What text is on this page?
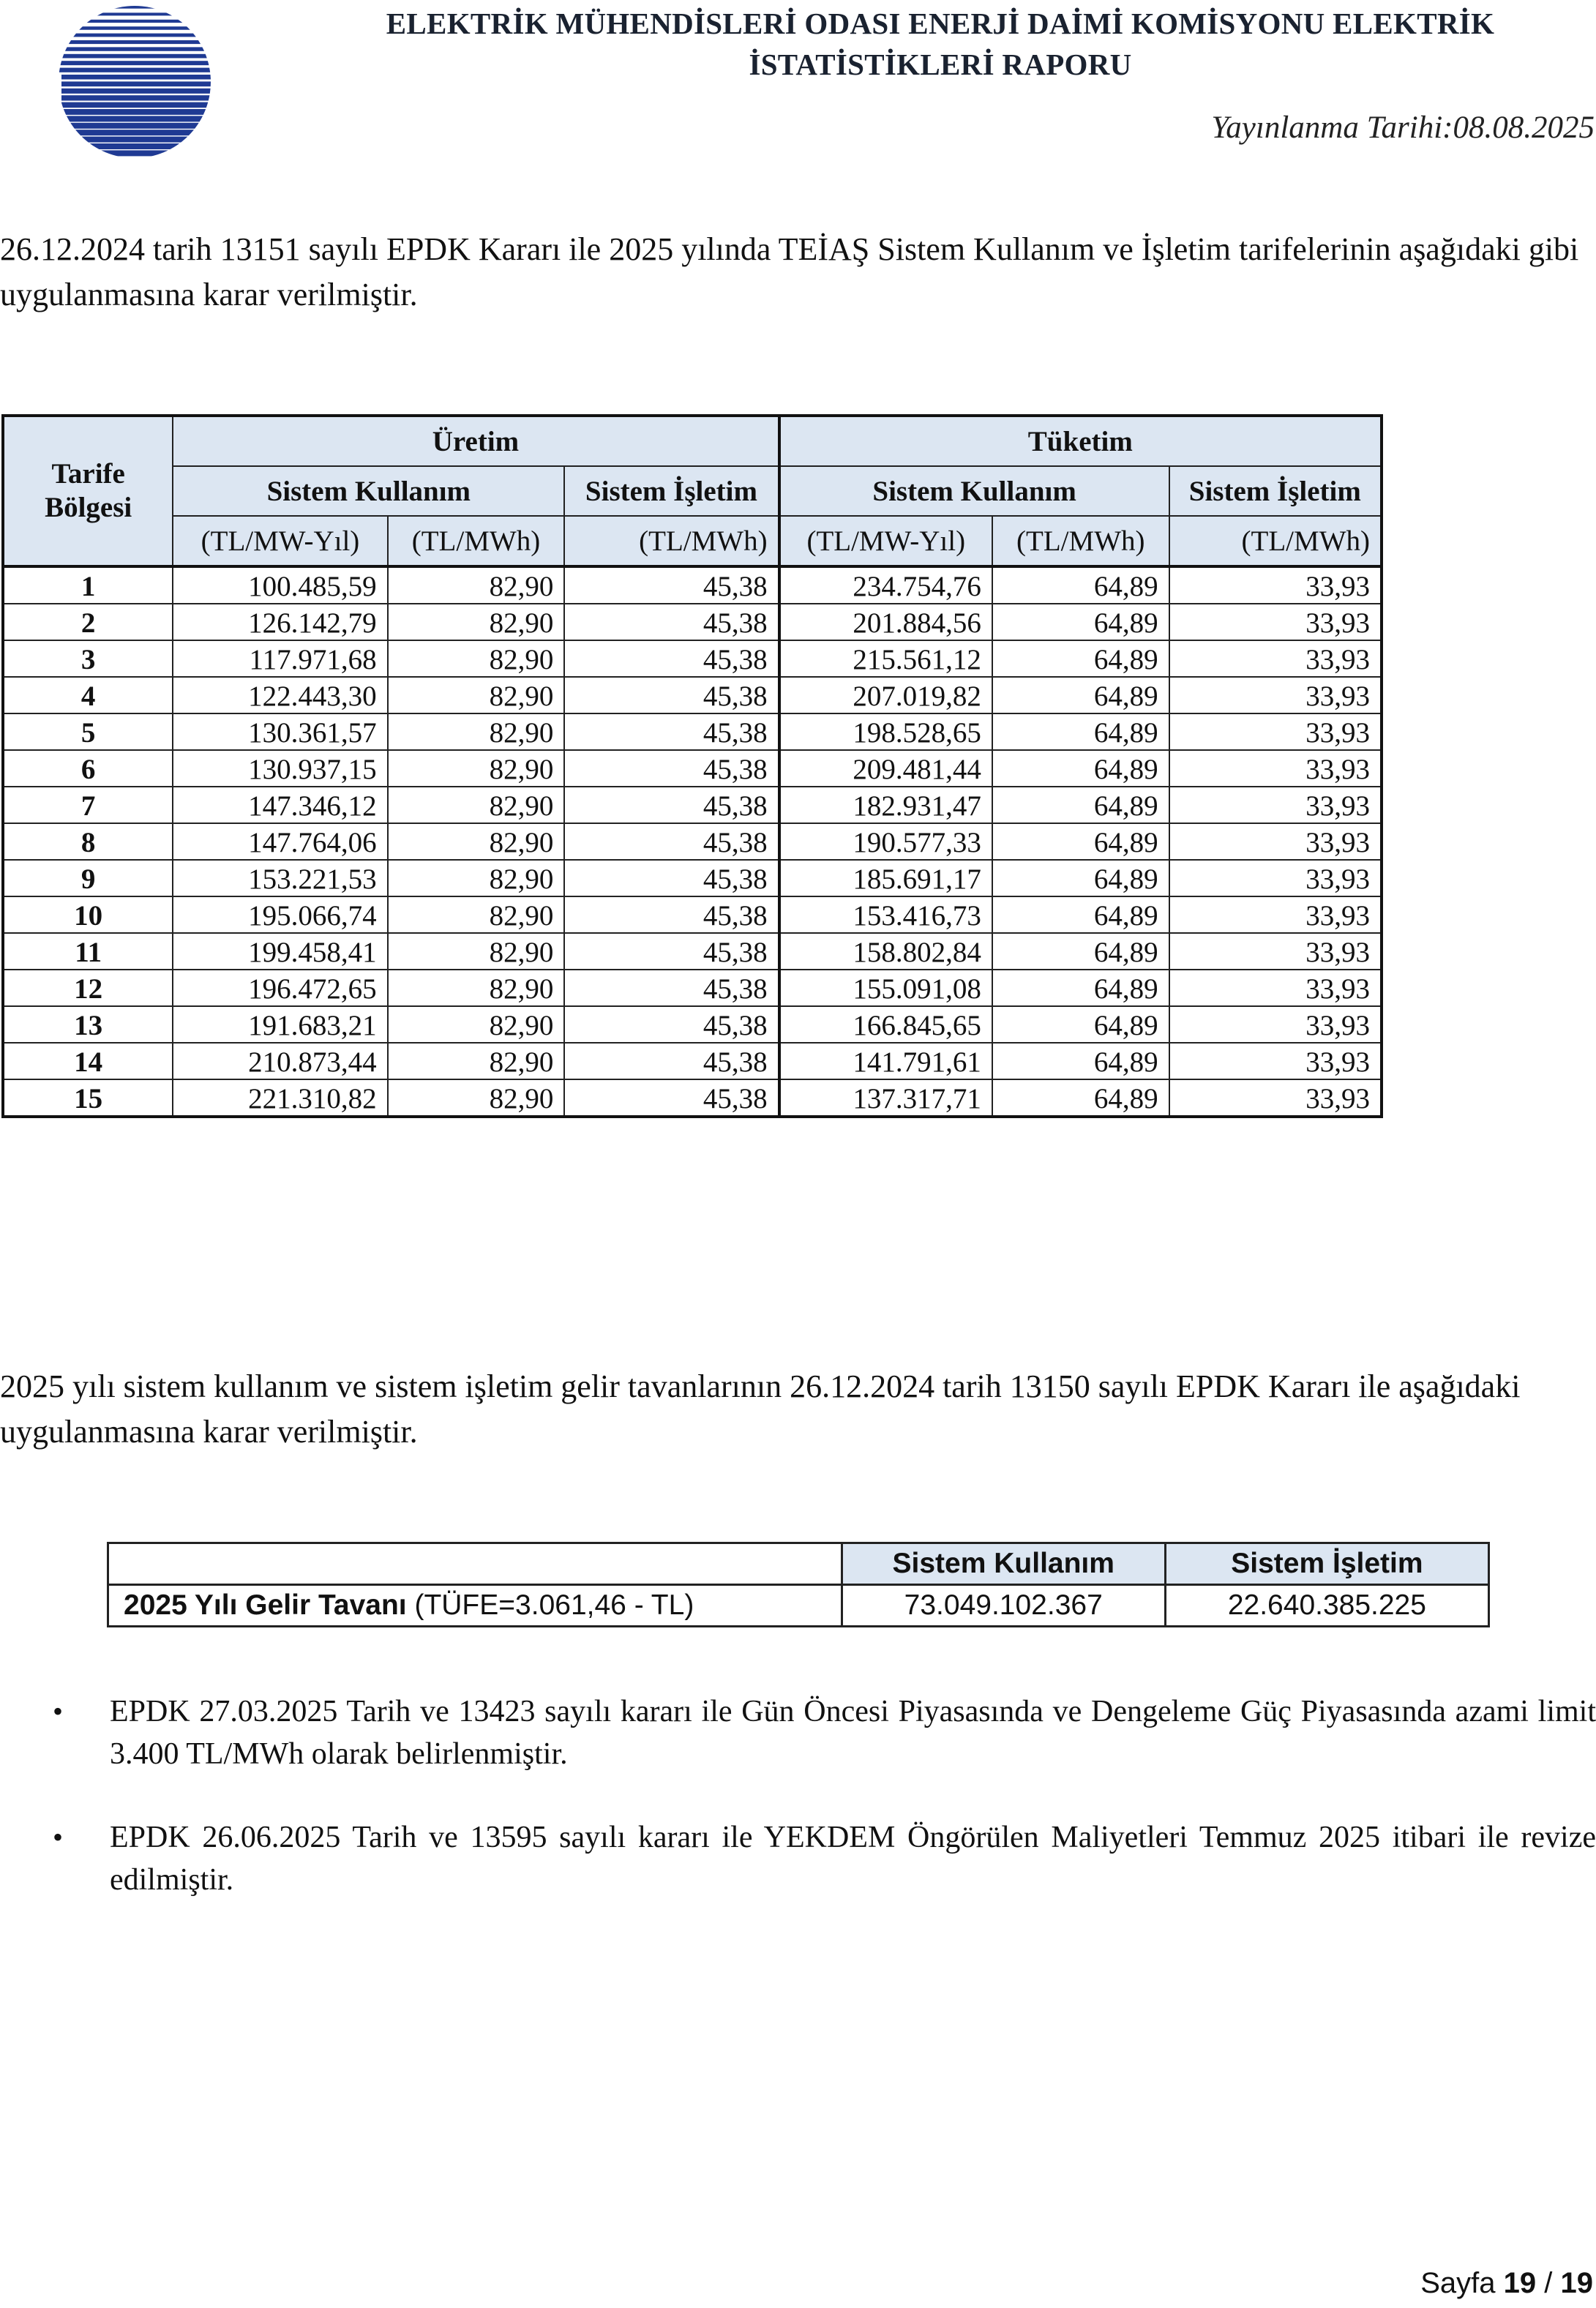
ELEKTRİK MÜHENDİSLERİ ODASI ENERJİ DAİMİ KOMİSYONU ELEKTRİK
İSTATİSTİKLERİ RAPORU
Yayınlanma Tarihi:08.08.2025
26.12.2024 tarih 13151 sayılı EPDK Kararı ile 2025 yılında TEİAŞ Sistem Kullanım ve İşletim tarifelerinin aşağıdaki gibi uygulanmasına karar verilmiştir.
Tarife Bölgesi	Üretim			Tüketim		
	Sistem Kullanım		Sistem İşletim	Sistem Kullanım		Sistem İşletim
	(TL/MW-Yıl)	(TL/MWh)	(TL/MWh)	(TL/MW-Yıl)	(TL/MWh)	(TL/MWh)
1	100.485,59	82,90	45,38	234.754,76	64,89	33,93
2	126.142,79	82,90	45,38	201.884,56	64,89	33,93
3	117.971,68	82,90	45,38	215.561,12	64,89	33,93
4	122.443,30	82,90	45,38	207.019,82	64,89	33,93
5	130.361,57	82,90	45,38	198.528,65	64,89	33,93
6	130.937,15	82,90	45,38	209.481,44	64,89	33,93
7	147.346,12	82,90	45,38	182.931,47	64,89	33,93
8	147.764,06	82,90	45,38	190.577,33	64,89	33,93
9	153.221,53	82,90	45,38	185.691,17	64,89	33,93
10	195.066,74	82,90	45,38	153.416,73	64,89	33,93
11	199.458,41	82,90	45,38	158.802,84	64,89	33,93
12	196.472,65	82,90	45,38	155.091,08	64,89	33,93
13	191.683,21	82,90	45,38	166.845,65	64,89	33,93
14	210.873,44	82,90	45,38	141.791,61	64,89	33,93
15	221.310,82	82,90	45,38	137.317,71	64,89	33,93
2025 yılı sistem kullanım ve sistem işletim gelir tavanlarının 26.12.2024 tarih 13150 sayılı EPDK Kararı ile aşağıdaki uygulanmasına karar verilmiştir.
	Sistem Kullanım	Sistem İşletim
2025 Yılı Gelir Tavanı (TÜFE=3.061,46 - TL)	73.049.102.367	22.640.385.225
• EPDK 27.03.2025 Tarih ve 13423 sayılı kararı ile Gün Öncesi Piyasasında ve Dengeleme Güç Piyasasında azami limit 3.400 TL/MWh olarak belirlenmiştir.
• EPDK 26.06.2025 Tarih ve 13595 sayılı kararı ile YEKDEM Öngörülen Maliyetleri Temmuz 2025 itibari ile revize edilmiştir.
Sayfa 19 / 19
